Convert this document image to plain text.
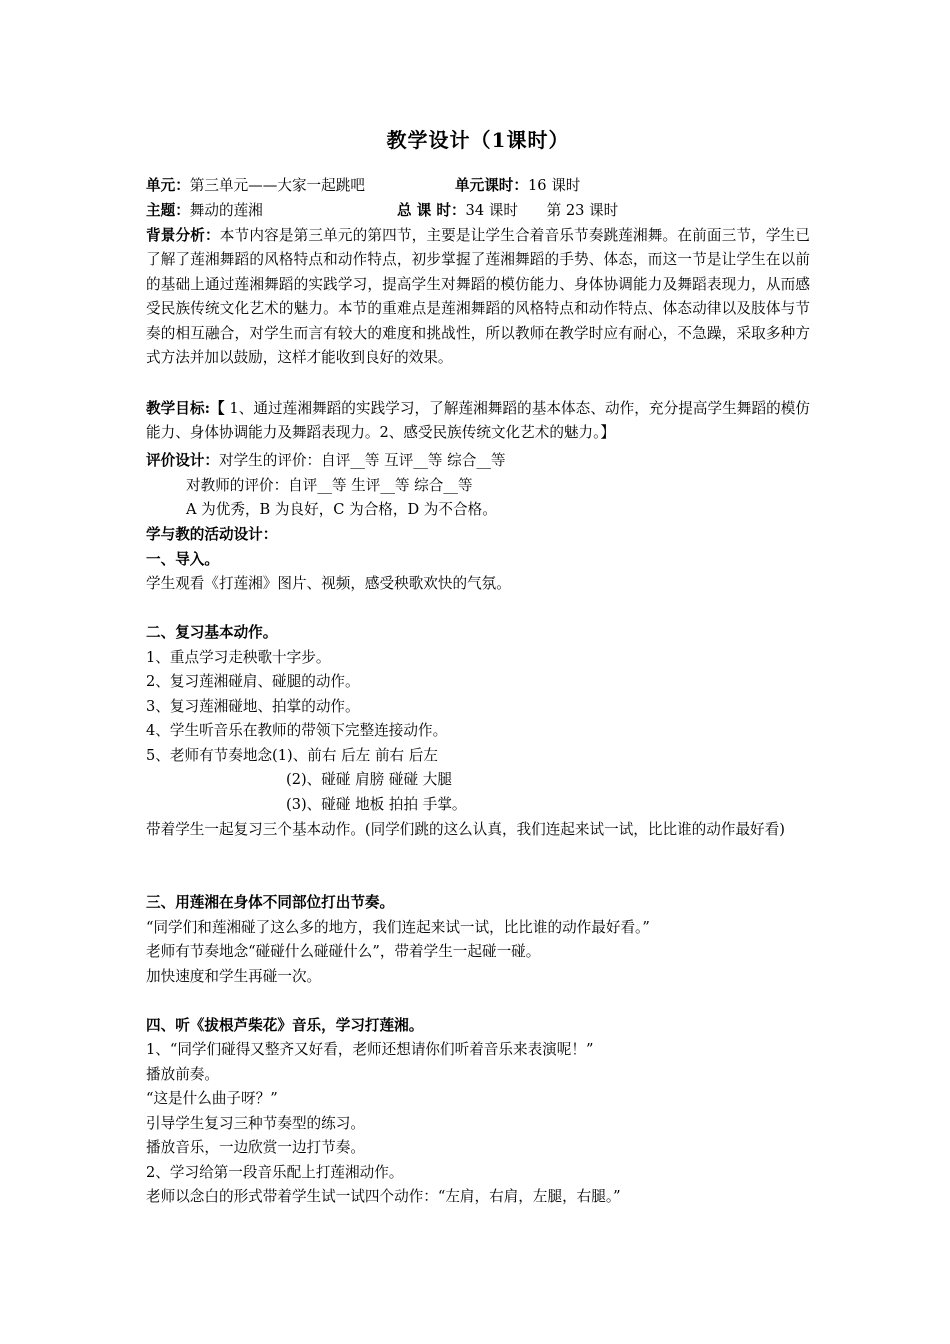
教学设计（1课时）
单元：第三单元——大家一起跳吧	单元课时：16 课时
主题：舞动的莲湘	总 课 时：34 课时 第 23 课时
背景分析：本节内容是第三单元的第四节，主要是让学生合着音乐节奏跳莲湘舞。在前面三节，学生已了解了莲湘舞蹈的风格特点和动作特点，初步掌握了莲湘舞蹈的手势、体态，而这一节是让学生在以前的基础上通过莲湘舞蹈的实践学习，提高学生对舞蹈的模仿能力、身体协调能力及舞蹈表现力，从而感受民族传统文化艺术的魅力。本节的重难点是莲湘舞蹈的风格特点和动作特点、体态动律以及肢体与节奏的相互融合，对学生而言有较大的难度和挑战性，所以教师在教学时应有耐心，不急躁，采取多种方式方法并加以鼓励，这样才能收到良好的效果。
教学目标:【 1、通过莲湘舞蹈的实践学习，了解莲湘舞蹈的基本体态、动作，充分提高学生舞蹈的模仿能力、身体协调能力及舞蹈表现力。2、感受民族传统文化艺术的魅力。】
评价设计：对学生的评价：自评__等 互评__等 综合__等
对教师的评价：自评__等 生评__等 综合__等
A 为优秀，B 为良好，C 为合格，D 为不合格。
学与教的活动设计：
一、导入。
学生观看《打莲湘》图片、视频，感受秧歌欢快的气氛。
二、复习基本动作。
1、重点学习走秧歌十字步。
2、复习莲湘碰肩、碰腿的动作。
3、复习莲湘碰地、拍掌的动作。
4、学生听音乐在教师的带领下完整连接动作。
5、老师有节奏地念(1)、前右 后左 前右 后左
(2)、碰碰 肩膀 碰碰 大腿
(3)、碰碰 地板 拍拍 手掌。
带着学生一起复习三个基本动作。(同学们跳的这么认真，我们连起来试一试，比比谁的动作最好看)
三、用莲湘在身体不同部位打出节奏。
“同学们和莲湘碰了这么多的地方，我们连起来试一试，比比谁的动作最好看。”
老师有节奏地念“碰碰什么碰碰什么”，带着学生一起碰一碰。
加快速度和学生再碰一次。
四、听《拔根芦柴花》音乐，学习打莲湘。
1、“同学们碰得又整齐又好看，老师还想请你们听着音乐来表演呢！”
播放前奏。
“这是什么曲子呀？”
引导学生复习三种节奏型的练习。
播放音乐，一边欣赏一边打节奏。
2、学习给第一段音乐配上打莲湘动作。
老师以念白的形式带着学生试一试四个动作：“左肩，右肩，左腿，右腿。”
